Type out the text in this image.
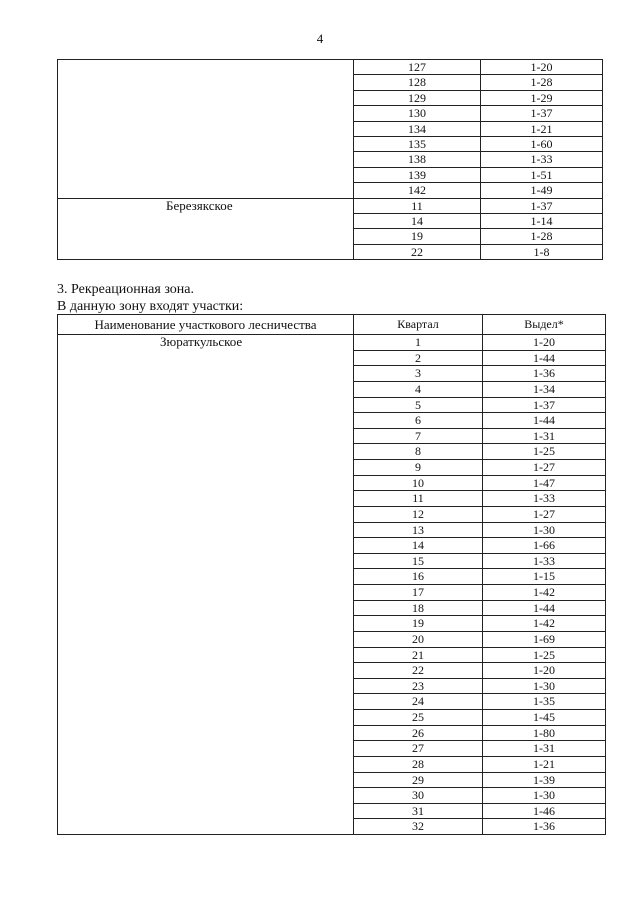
4
	127	1-20
	128	1-28
	129	1-29
	130	1-37
	134	1-21
	135	1-60
	138	1-33
	139	1-51
	142	1-49

Березякское	11	1-37
	14	1-14
	19	1-28
	22	1-8
3. Рекреационная зона.
В данную зону входят участки:
Наименование участкового лесничества	Квартал	Выдел*

Зюраткульское	1	1-20
	2	1-44
	3	1-36
	4	1-34
	5	1-37
	6	1-44
	7	1-31
	8	1-25
	9	1-27
	10	1-47
	11	1-33
	12	1-27
	13	1-30
	14	1-66
	15	1-33
	16	1-15
	17	1-42
	18	1-44
	19	1-42
	20	1-69
	21	1-25
	22	1-20
	23	1-30
	24	1-35
	25	1-45
	26	1-80
	27	1-31
	28	1-21
	29	1-39
	30	1-30
	31	1-46
	32	1-36
